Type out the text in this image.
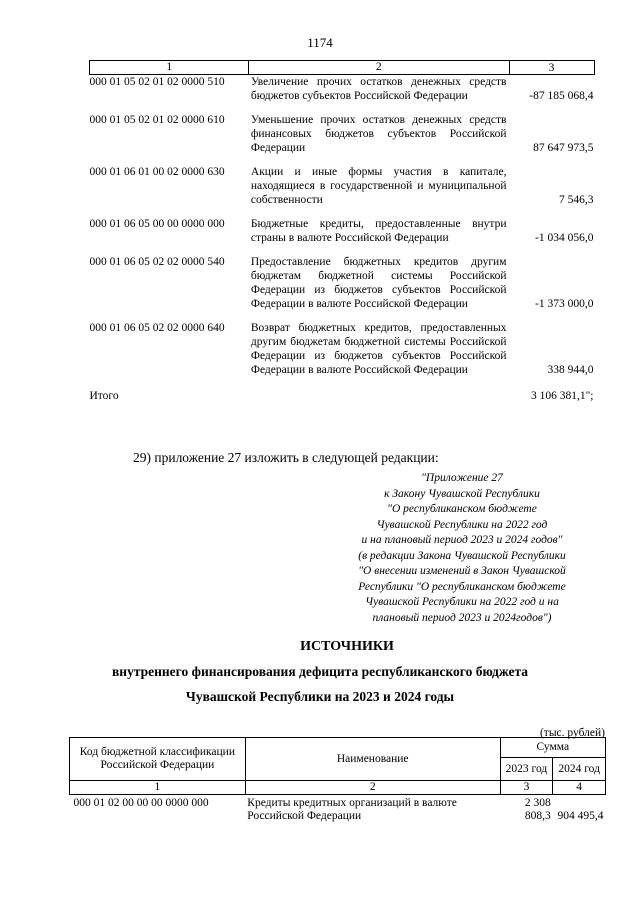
1174
1	2	3
000 01 05 02 01 02 0000 510	Увеличение прочих остатков денежных средств бюджетов субъектов Российской Федерации	-87 185 068,4
000 01 05 02 01 02 0000 610	Уменьшение прочих остатков денежных средств финансовых бюджетов субъектов Российской Федерации	87 647 973,5
000 01 06 01 00 02 0000 630	Акции и иные формы участия в капитале, находящиеся в государственной и муниципальной собственности	7 546,3
000 01 06 05 00 00 0000 000	Бюджетные кредиты, предоставленные внутри страны в валюте Российской Федерации	-1 034 056,0
000 01 06 05 02 02 0000 540	Предоставление бюджетных кредитов другим бюджетам бюджетной системы Российской Федерации из бюджетов субъектов Российской Федерации в валюте Российской Федерации	-1 373 000,0
000 01 06 05 02 02 0000 640	Возврат бюджетных кредитов, предоставленных другим бюджетам бюджетной системы Российской Федерации из бюджетов субъектов Российской Федерации в валюте Российской Федерации	338 944,0
Итого		3 106 381,1";
29) приложение 27 изложить в следующей редакции:
"Приложение 27
к Закону Чувашской Республики
"О республиканском бюджете
Чувашской Республики на 2022 год
и на плановый период 2023 и 2024 годов"
(в редакции Закона Чувашской Республики
"О внесении изменений в Закон Чувашской
Республики "О республиканском бюджете
Чувашской Республики на 2022 год и на
плановый период 2023 и 2024годов")
ИСТОЧНИКИ
внутреннего финансирования дефицита республиканского бюджета
Чувашской Республики на 2023 и 2024 годы
(тыс. рублей)
Код бюджетной классификации Российской Федерации	Наименование	Сумма	
		2023 год	2024 год
1	2	3	4
000 01 02 00 00 00 0000 000	Кредиты кредитных организаций в валюте Российской Федерации	2 308 808,3	904 495,4
